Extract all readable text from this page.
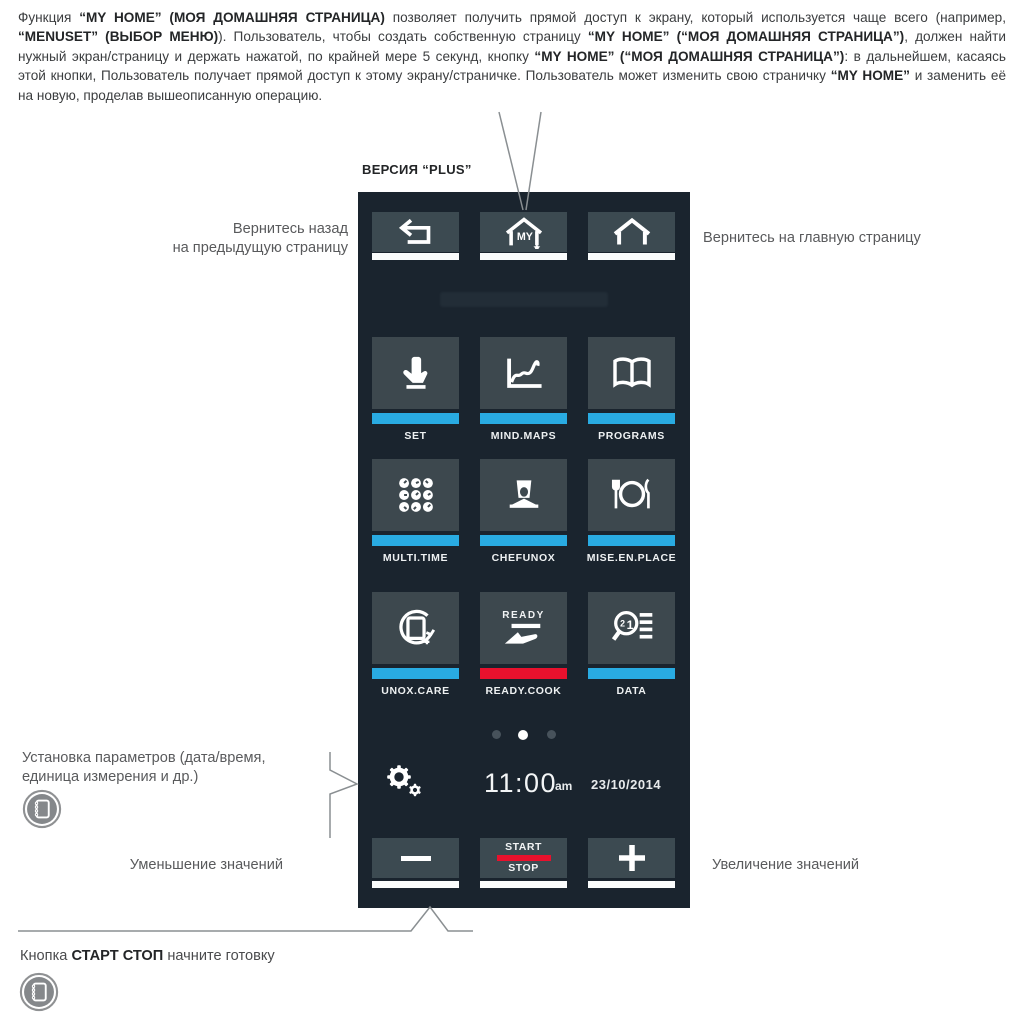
Функция “MY HOME” (МОЯ ДОМАШНЯЯ СТРАНИЦА) позволяет получить прямой доступ к экрану, который используется чаще всего (например, “MENUSET” (ВЫБОР МЕНЮ)). Пользователь, чтобы создать собственную страницу “MY HOME” (“МОЯ ДОМАШНЯЯ СТРАНИЦА”), должен найти нужный экран/страницу и держать нажатой, по крайней мере 5 секунд, кнопку “MY HOME” (“МОЯ ДОМАШНЯЯ СТРАНИЦА”): в дальнейшем, касаясь этой кнопки, Пользователь получает прямой доступ к этому экрану/страничке. Пользователь может изменить свою страничку “MY HOME” и заменить её на новую, проделав вышеописанную операцию.

ВЕРСИЯ “PLUS”
MY
SET	MIND.MAPS	PROGRAMS
MULTI.TIME	CHEFUNOX	MISE.EN.PLACE
READY
2 1
UNOX.CARE	READY.COOK	DATA
11:00
am 23/10/2014
START
STOP
Вернитесь назад
на предыдущую страницу
Вернитесь на главную страницу
Установка параметров (дата/время,
единица измерения и др.)
Уменьшение значений	Увеличение значений
Кнопка СТАРТ СТОП начните готовку
